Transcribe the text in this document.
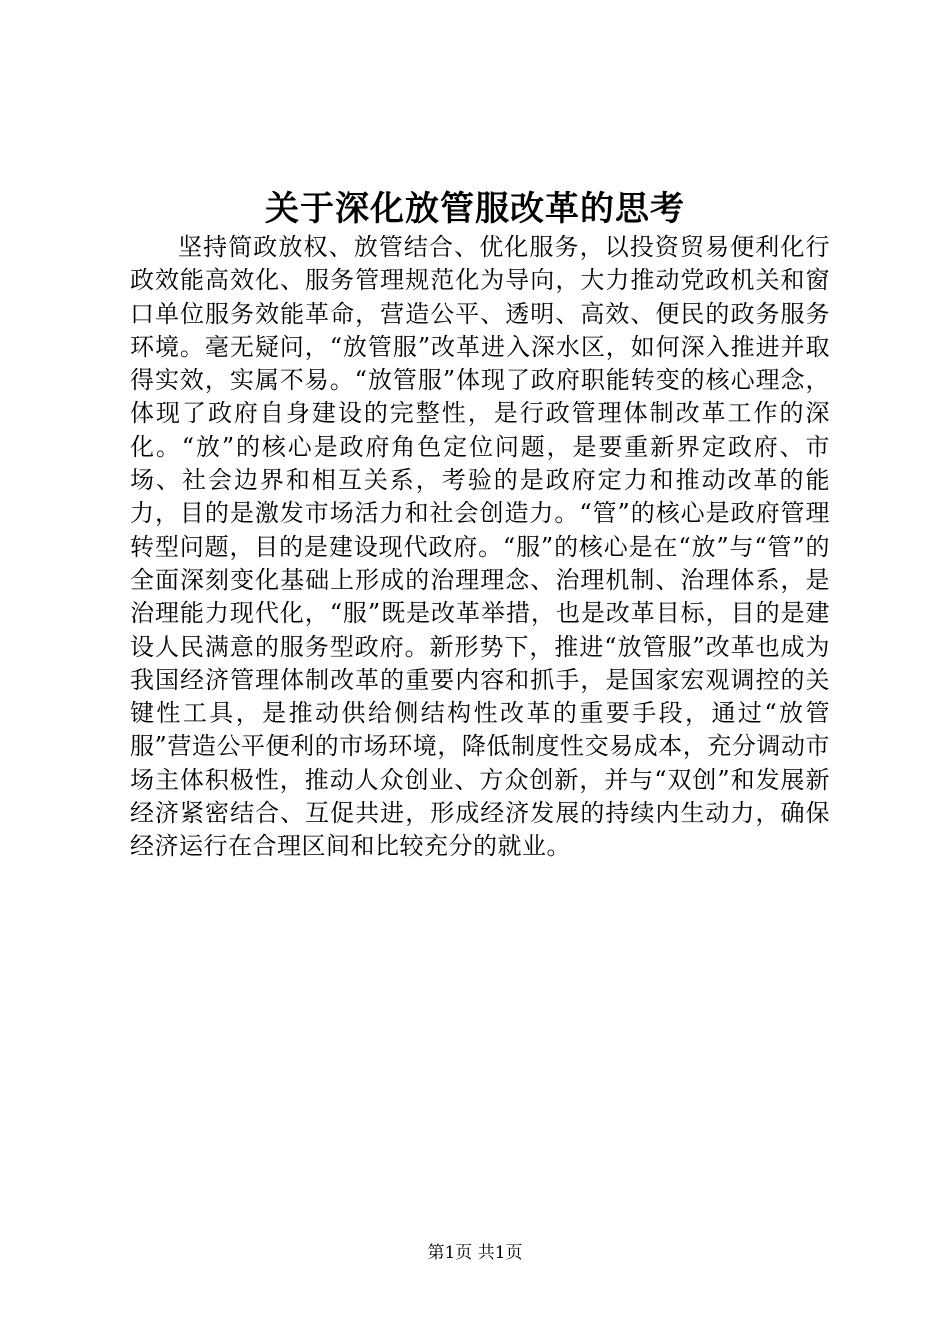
关于深化放管服改革的思考

坚持简政放权、放管结合、优化服务，以投资贸易便利化行政效能高效化、服务管理规范化为导向，大力推动党政机关和窗口单位服务效能革命，营造公平、透明、高效、便民的政务服务环境。毫无疑问，“放管服”改革进入深水区，如何深入推进并取得实效，实属不易。“放管服”体现了政府职能转变的核心理念，体现了政府自身建设的完整性，是行政管理体制改革工作的深化。“放”的核心是政府角色定位问题，是要重新界定政府、市场、社会边界和相互关系，考验的是政府定力和推动改革的能力，目的是激发市场活力和社会创造力。“管”的核心是政府管理转型问题，目的是建设现代政府。“服”的核心是在“放”与“管”的全面深刻变化基础上形成的治理理念、治理机制、治理体系，是治理能力现代化，“服”既是改革举措，也是改革目标，目的是建设人民满意的服务型政府。新形势下，推进“放管服”改革也成为我国经济管理体制改革的重要内容和抓手，是国家宏观调控的关键性工具，是推动供给侧结构性改革的重要手段，通过“放管服”营造公平便利的市场环境，降低制度性交易成本，充分调动市场主体积极性，推动人众创业、方众创新，并与“双创”和发展新经济紧密结合、互促共进，形成经济发展的持续内生动力，确保经济运行在合理区间和比较充分的就业。

第1页 共1页
